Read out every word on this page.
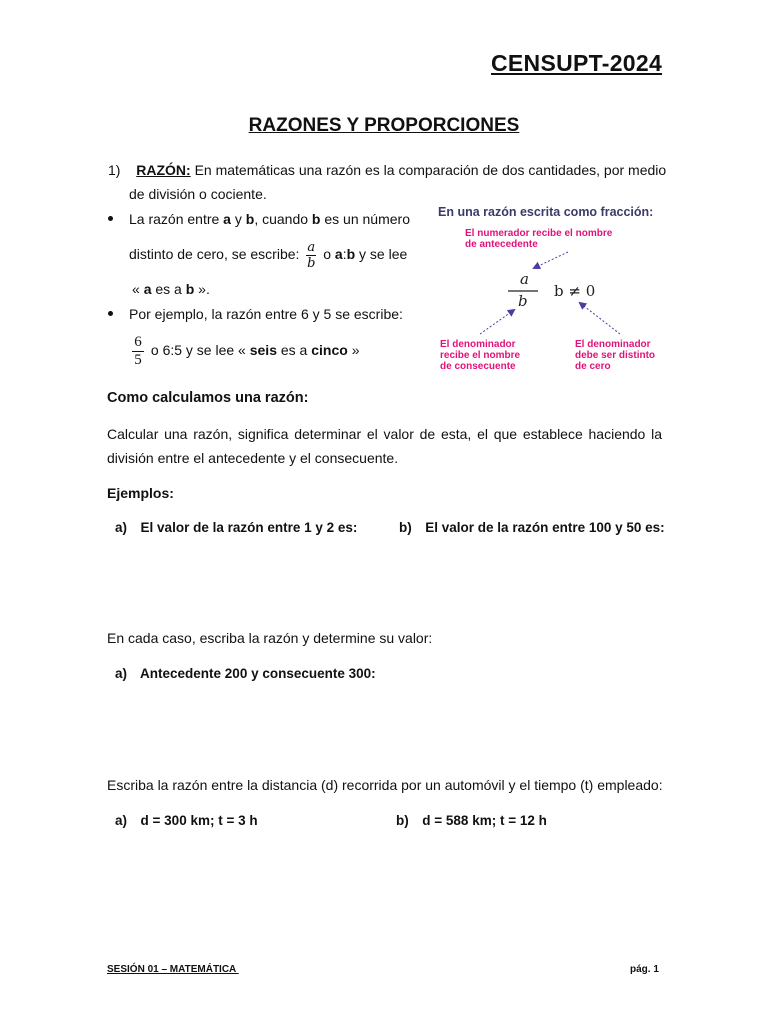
CENSUPT-2024
RAZONES Y PROPORCIONES
1) RAZÓN: En matemáticas una razón es la comparación de dos cantidades, por medio
de división o cociente.
La razón entre a y b, cuando b es un número
distinto de cero, se escribe: $\frac{a}{b}$ o a:b y se lee
« a es a b ».
Por ejemplo, la razón entre 6 y 5 se escribe:
$\frac{6}{5}$ o 6:5 y se lee « seis es a cinco »
En una razón escrita como fracción:
El numerador recibe el nombre
de antecedente
a
b
b ≠ 0
El denominador
recibe el nombre
de consecuente
El denominador
debe ser distinto
de cero
Como calculamos una razón:
Calcular una razón, significa determinar el valor de esta, el que establece haciendo la
división entre el antecedente y el consecuente.
Ejemplos:
a) El valor de la razón entre 1 y 2 es:	b) El valor de la razón entre 100 y 50 es:
En cada caso, escriba la razón y determine su valor:
a) Antecedente 200 y consecuente 300:
Escriba la razón entre la distancia (d) recorrida por un automóvil y el tiempo (t) empleado:
a) d = 300 km; t = 3 h	b) d = 588 km; t = 12 h
SESIÓN 01 – MATEMÁTICA	pág. 1
